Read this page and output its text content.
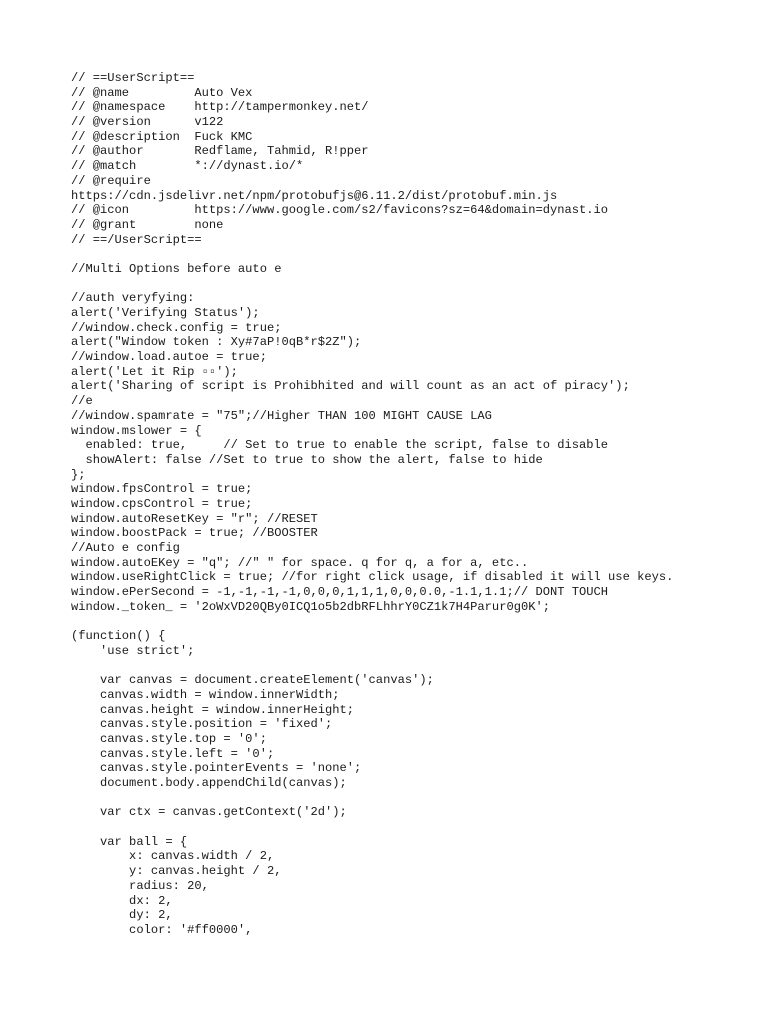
// ==UserScript==
// @name         Auto Vex
// @namespace    http://tampermonkey.net/
// @version      v122
// @description  Fuck KMC
// @author       Redflame, Tahmid, R!pper
// @match        *://dynast.io/*
// @require
https://cdn.jsdelivr.net/npm/protobufjs@6.11.2/dist/protobuf.min.js
// @icon         https://www.google.com/s2/favicons?sz=64&domain=dynast.io
// @grant        none
// ==/UserScript==
//Multi Options before auto e
//auth veryfying:
alert('Verifying Status');
//window.check.config = true;
alert("Window token : Xy#7aP!0qB*r$2Z");
//window.load.autoe = true;
alert('Let it Rip ▫▫');
alert('Sharing of script is Prohibhited and will count as an act of piracy');
//e
//window.spamrate = "75";//Higher THAN 100 MIGHT CAUSE LAG
window.mslower = {
enabled: true,     // Set to true to enable the script, false to disable
showAlert: false //Set to true to show the alert, false to hide
};
window.fpsControl = true;
window.cpsControl = true;
window.autoResetKey = "r"; //RESET
window.boostPack = true; //BOOSTER
//Auto e config
window.autoEKey = "q"; //" " for space. q for q, a for a, etc..
window.useRightClick = true; //for right click usage, if disabled it will use keys.
window.ePerSecond = -1,-1,-1,-1,0,0,0,1,1,1,0,0,0.0,-1.1,1.1;// DONT TOUCH
window._token_ = '2oWxVD20QBy0ICQ1o5b2dbRFLhhrY0CZ1k7H4Parur0g0K';
(function() {
'use strict';
var canvas = document.createElement('canvas');
canvas.width = window.innerWidth;
canvas.height = window.innerHeight;
canvas.style.position = 'fixed';
canvas.style.top = '0';
canvas.style.left = '0';
canvas.style.pointerEvents = 'none';
document.body.appendChild(canvas);
var ctx = canvas.getContext('2d');
var ball = {
x: canvas.width / 2,
y: canvas.height / 2,
radius: 20,
dx: 2,
dy: 2,
color: '#ff0000',
